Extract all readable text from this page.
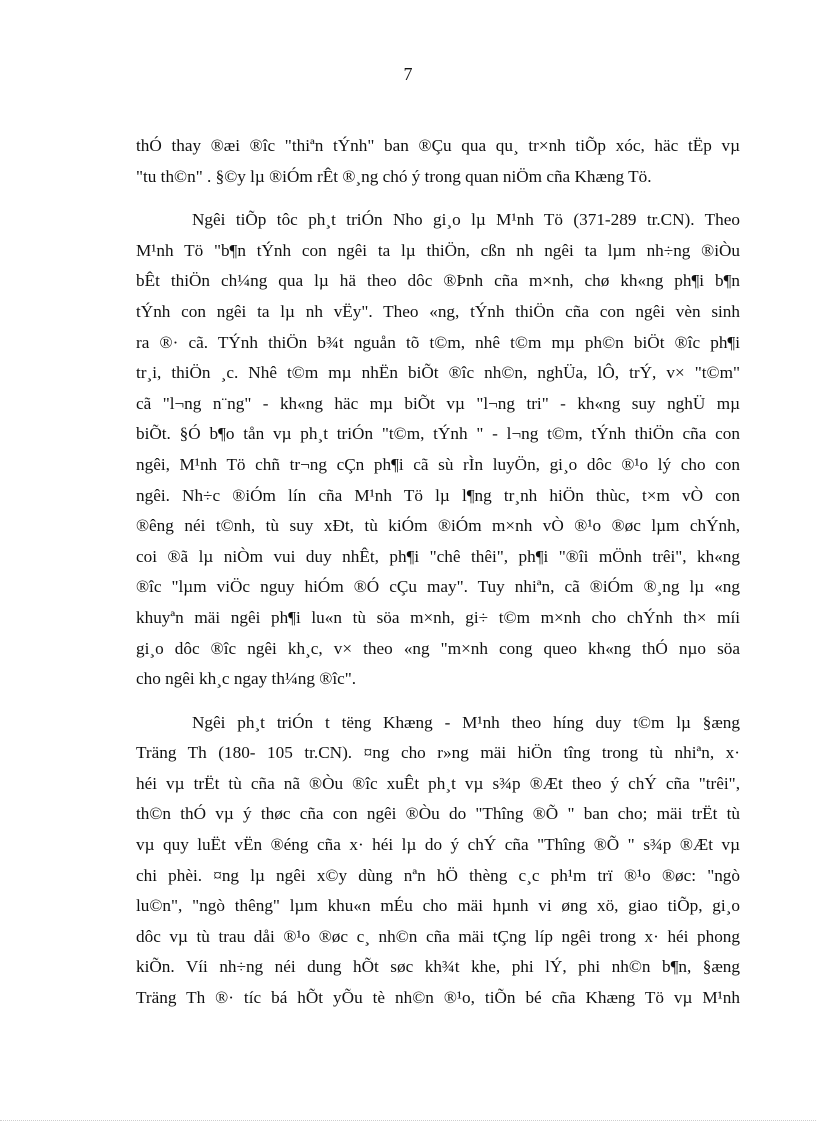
7
thÓ thay ®æi ®îc "thiªn tÝnh" ban ®Çu qua qu¸ tr×nh tiÕp xóc, häc tËp vµ
"tu th©n" . §©y lµ ®iÓm rÊt ®¸ng chó ý trong quan niÖm cña Khæng Tö.
Ngêi tiÕp tôc ph¸t triÓn Nho gi¸o lµ M¹nh Tö (371-289 tr.CN). Theo
M¹nh Tö "b¶n tÝnh con ngêi ta lµ thiÖn, cßn nh ngêi ta lµm nh÷ng ®iÒu
bÊt thiÖn ch¼ng qua lµ hä theo dôc ®Þnh cña m×nh, chø kh«ng ph¶i b¶n
tÝnh con ngêi ta lµ nh vËy". Theo «ng, tÝnh thiÖn cña con ngêi vèn sinh
ra ®· cã. TÝnh thiÖn b¾t nguån tõ t©m, nhê t©m mµ ph©n biÖt ®îc ph¶i
tr¸i, thiÖn ¸c. Nhê t©m mµ nhËn biÕt ®îc nh©n, nghÜa, lÔ, trÝ, v× "t©m"
cã "l¬ng n¨ng" - kh«ng häc mµ biÕt vµ "l¬ng tri" - kh«ng suy nghÜ mµ
biÕt. §Ó b¶o tån vµ ph¸t triÓn "t©m, tÝnh " - l¬ng t©m, tÝnh thiÖn cña con
ngêi, M¹nh Tö chñ tr¬ng cÇn ph¶i cã sù rÌn luyÖn, gi¸o dôc ®¹o lý cho con
ngêi. Nh÷c ®iÓm lín cña M¹nh Tö lµ l¶ng tr¸nh hiÖn thùc, t×m vÒ con
®êng néi t©nh, tù suy xÐt, tù kiÓm ®iÓm m×nh vÒ ®¹o ®øc lµm chÝnh,
coi ®ã lµ niÒm vui duy nhÊt, ph¶i "chê thêi", ph¶i "®îi mÖnh trêi", kh«ng
®îc "lµm viÖc nguy hiÓm ®Ó cÇu may". Tuy nhiªn, cã ®iÓm ®¸ng lµ «ng
khuyªn mäi ngêi ph¶i lu«n tù söa m×nh, gi÷ t©m m×nh cho chÝnh th× míi
gi¸o dôc ®îc ngêi kh¸c, v× theo «ng "m×nh cong queo kh«ng thÓ nµo söa
cho ngêi kh¸c ngay th¼ng ®îc".
Ngêi ph¸t triÓn t tëng Khæng - M¹nh theo híng duy t©m lµ §æng
Träng Th (180- 105 tr.CN). ¤ng cho r»ng mäi hiÖn tîng trong tù nhiªn, x·
héi vµ trËt tù cña nã ®Òu ®îc xuÊt ph¸t vµ s¾p ®Æt theo ý chÝ cña "trêi",
th©n thÓ vµ ý thøc cña con ngêi ®Òu do "Thîng ®Õ " ban cho; mäi trËt tù
vµ quy luËt vËn ®éng cña x· héi lµ do ý chÝ cña "Thîng ®Õ " s¾p ®Æt vµ
chi phèi. ¤ng lµ ngêi x©y dùng nªn hÖ thèng c¸c ph¹m trï ®¹o ®øc: "ngò
lu©n", "ngò thêng" lµm khu«n mÉu cho mäi hµnh vi øng xö, giao tiÕp, gi¸o
dôc vµ tù trau dåi ®¹o ®øc c¸ nh©n cña mäi tÇng líp ngêi trong x· héi phong
kiÕn. Víi nh÷ng néi dung hÕt søc kh¾t khe, phi lÝ, phi nh©n b¶n, §æng
Träng Th ®· tíc bá hÕt yÕu tè nh©n ®¹o, tiÕn bé cña Khæng Tö vµ M¹nh
